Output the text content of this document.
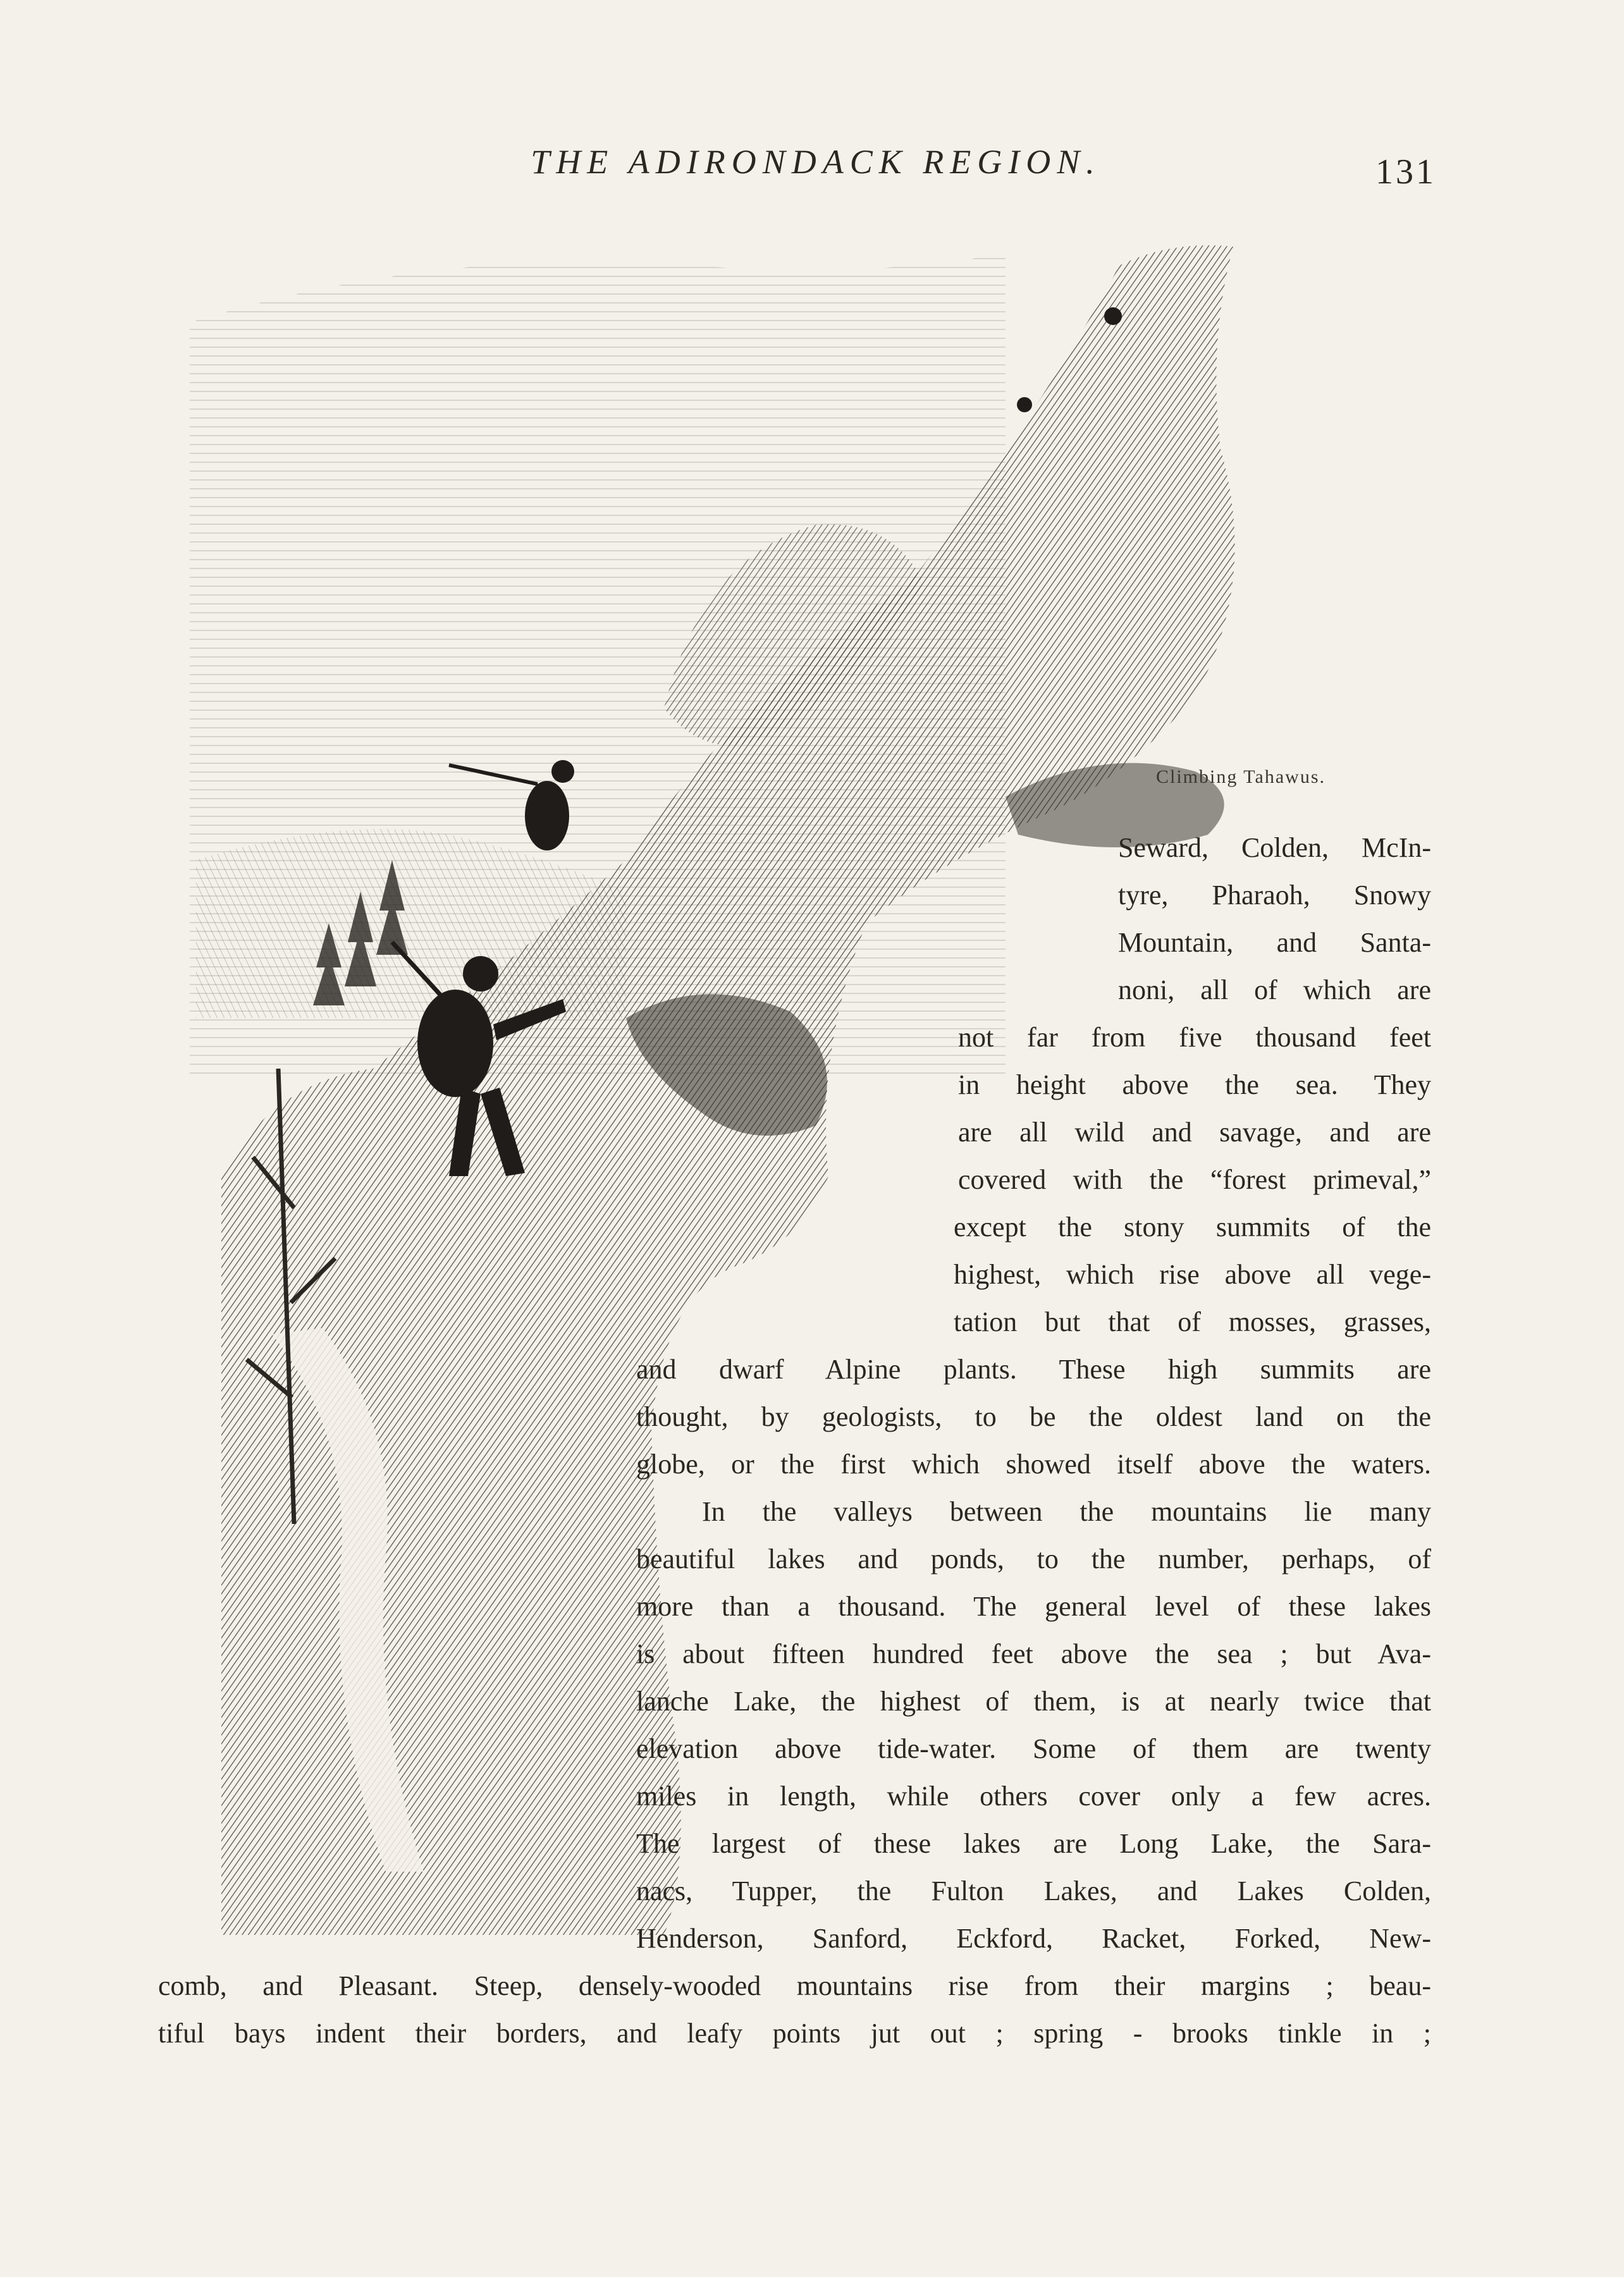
THE ADIRONDACK REGION.	131
Climbing Tahawus.
Seward, Colden, McIn-
tyre, Pharaoh, Snowy
Mountain, and Santa-
noni, all of which are
not far from five thousand feet
in height above the sea. They
are all wild and savage, and are
covered with the “forest primeval,”
except the stony summits of the
highest, which rise above all vege-
tation but that of mosses, grasses,
and dwarf Alpine plants. These high summits are
thought, by geologists, to be the oldest land on the
globe, or the first which showed itself above the waters.
In the valleys between the mountains lie many
beautiful lakes and ponds, to the number, perhaps, of
more than a thousand. The general level of these lakes
is about fifteen hundred feet above the sea ; but Ava-
lanche Lake, the highest of them, is at nearly twice that
elevation above tide-water. Some of them are twenty
miles in length, while others cover only a few acres.
The largest of these lakes are Long Lake, the Sara-
nacs, Tupper, the Fulton Lakes, and Lakes Colden,
Henderson, Sanford, Eckford, Racket, Forked, New-
comb, and Pleasant. Steep, densely-wooded mountains rise from their margins ; beau-
tiful bays indent their borders, and leafy points jut out ; spring - brooks tinkle in ;
